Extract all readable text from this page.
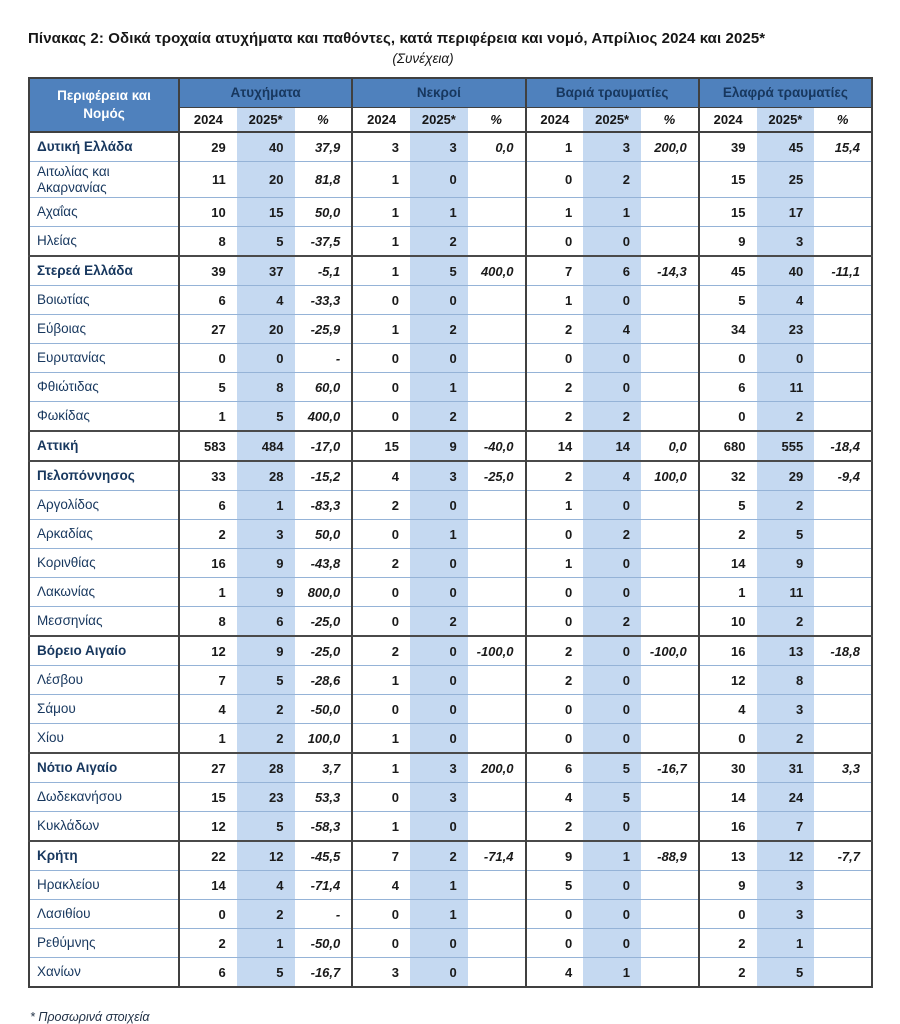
Πίνακας 2: Οδικά τροχαία ατυχήματα και παθόντες, κατά περιφέρεια και νομό, Απρίλιος 2024 και 2025*
(Συνέχεια)
Περιφέρεια και Νομός	Ατυχήματα			Νεκροί			Βαριά τραυματίες			Ελαφρά τραυματίες		
	2024	2025*	%	2024	2025*	%	2024	2025*	%	2024	2025*	%
Δυτική Ελλάδα	29	40	37,9	3	3	0,0	1	3	200,0	39	45	15,4
Αιτωλίας και Ακαρνανίας	11	20	81,8	1	0		0	2		15	25	
Αχαΐας	10	15	50,0	1	1		1	1		15	17	
Ηλείας	8	5	-37,5	1	2		0	0		9	3	
Στερεά Ελλάδα	39	37	-5,1	1	5	400,0	7	6	-14,3	45	40	-11,1
Βοιωτίας	6	4	-33,3	0	0		1	0		5	4	
Εύβοιας	27	20	-25,9	1	2		2	4		34	23	
Ευρυτανίας	0	0	-	0	0		0	0		0	0	
Φθιώτιδας	5	8	60,0	0	1		2	0		6	11	
Φωκίδας	1	5	400,0	0	2		2	2		0	2	
Αττική	583	484	-17,0	15	9	-40,0	14	14	0,0	680	555	-18,4
Πελοπόννησος	33	28	-15,2	4	3	-25,0	2	4	100,0	32	29	-9,4
Αργολίδος	6	1	-83,3	2	0		1	0		5	2	
Αρκαδίας	2	3	50,0	0	1		0	2		2	5	
Κορινθίας	16	9	-43,8	2	0		1	0		14	9	
Λακωνίας	1	9	800,0	0	0		0	0		1	11	
Μεσσηνίας	8	6	-25,0	0	2		0	2		10	2	
Βόρειο Αιγαίο	12	9	-25,0	2	0	-100,0	2	0	-100,0	16	13	-18,8
Λέσβου	7	5	-28,6	1	0		2	0		12	8	
Σάμου	4	2	-50,0	0	0		0	0		4	3	
Χίου	1	2	100,0	1	0		0	0		0	2	
Νότιο Αιγαίο	27	28	3,7	1	3	200,0	6	5	-16,7	30	31	3,3
Δωδεκανήσου	15	23	53,3	0	3		4	5		14	24	
Κυκλάδων	12	5	-58,3	1	0		2	0		16	7	
Κρήτη	22	12	-45,5	7	2	-71,4	9	1	-88,9	13	12	-7,7
Ηρακλείου	14	4	-71,4	4	1		5	0		9	3	
Λασιθίου	0	2	-	0	1		0	0		0	3	
Ρεθύμνης	2	1	-50,0	0	0		0	0		2	1	
Χανίων	6	5	-16,7	3	0		4	1		2	5	
* Προσωρινά στοιχεία
